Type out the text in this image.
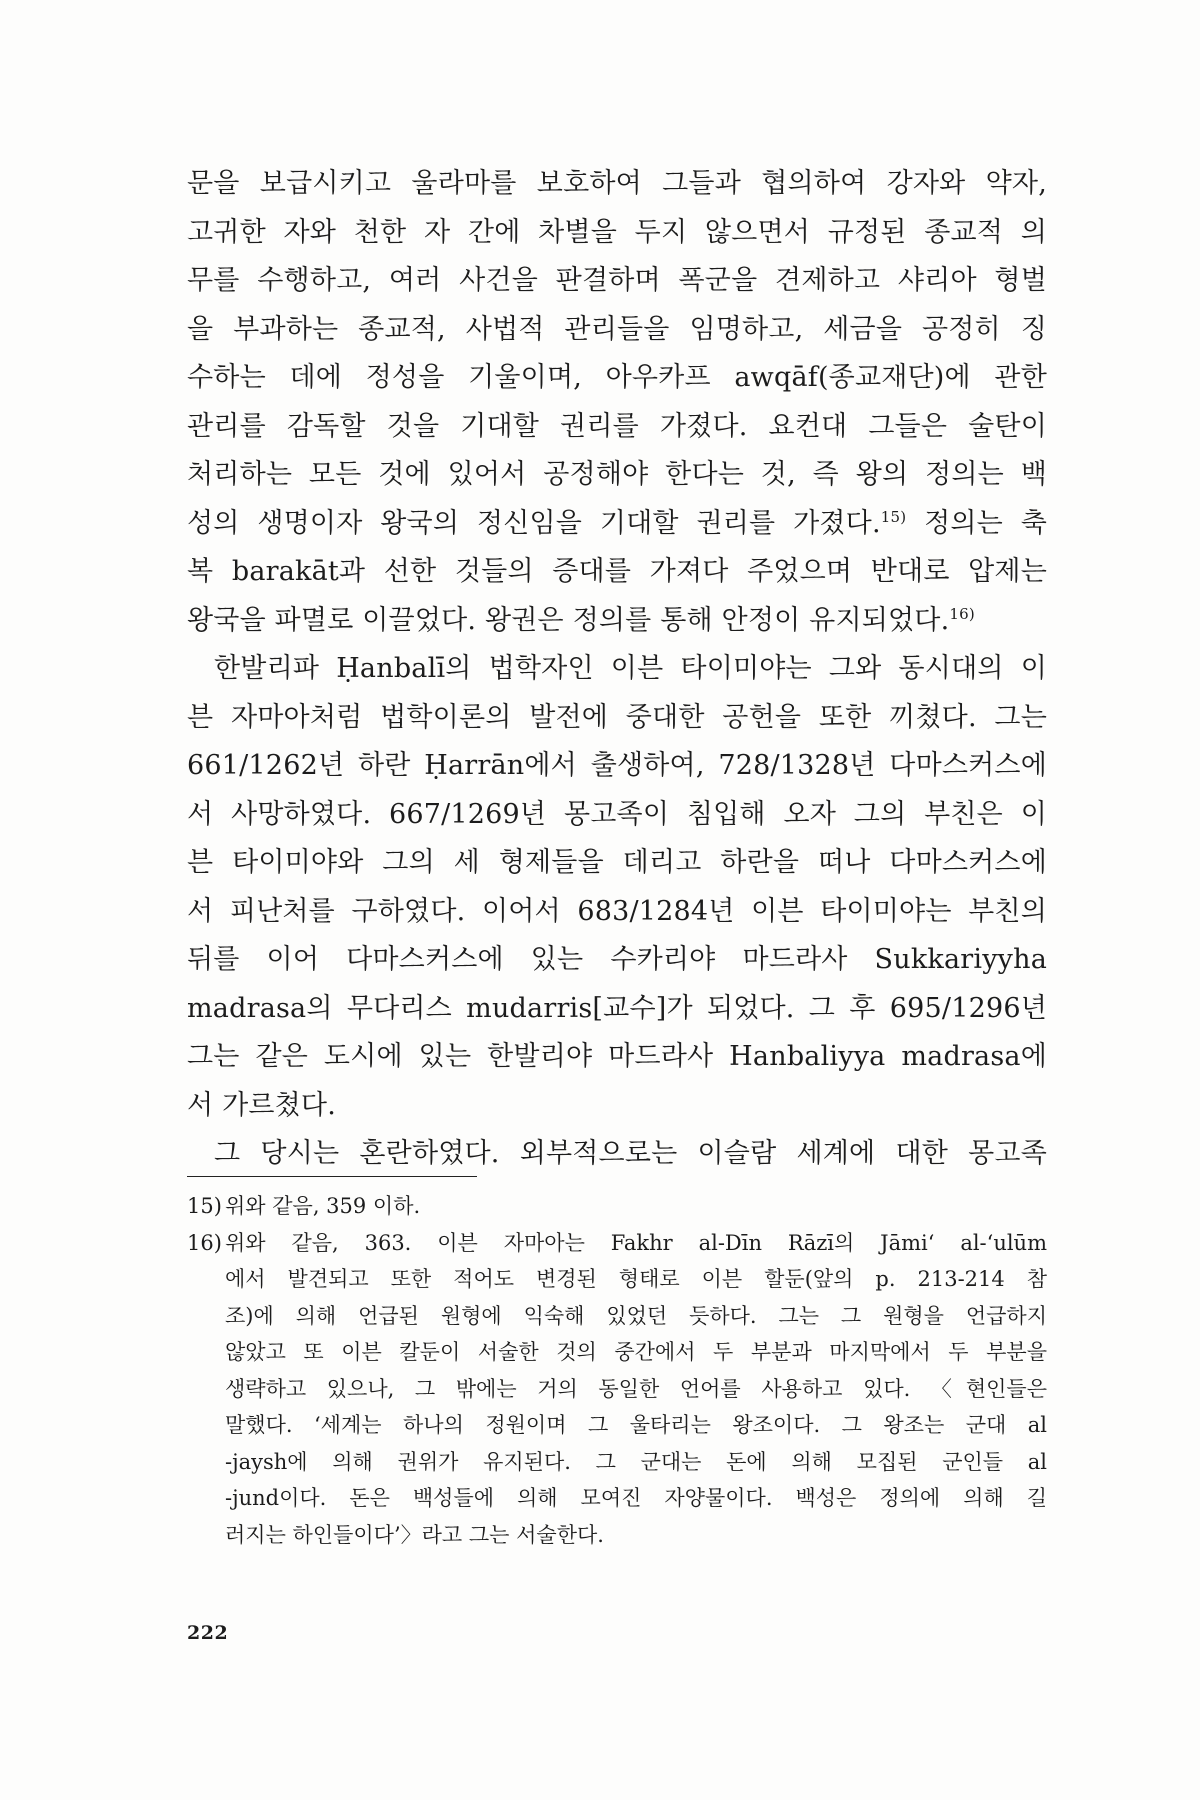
문을 보급시키고 울라마를 보호하여 그들과 협의하여 강자와 약자,
고귀한 자와 천한 자 간에 차별을 두지 않으면서 규정된 종교적 의
무를 수행하고, 여러 사건을 판결하며 폭군을 견제하고 샤리아 형벌
을 부과하는 종교적, 사법적 관리들을 임명하고, 세금을 공정히 징
수하는 데에 정성을 기울이며, 아우카프 awqāf(종교재단)에 관한
관리를 감독할 것을 기대할 권리를 가졌다. 요컨대 그들은 술탄이
처리하는 모든 것에 있어서 공정해야 한다는 것, 즉 왕의 정의는 백
성의 생명이자 왕국의 정신임을 기대할 권리를 가졌다.$^{15)}$ 정의는 축
복 barakāt과 선한 것들의 증대를 가져다 주었으며 반대로 압제는
왕국을 파멸로 이끌었다. 왕권은 정의를 통해 안정이 유지되었다.$^{16)}$
한발리파 Ḥanbalī의 법학자인 이븐 타이미야는 그와 동시대의 이
븐 자마아처럼 법학이론의 발전에 중대한 공헌을 또한 끼쳤다. 그는
661/1262년 하란 Ḥarrān에서 출생하여, 728/1328년 다마스커스에
서 사망하였다. 667/1269년 몽고족이 침입해 오자 그의 부친은 이
븐 타이미야와 그의 세 형제들을 데리고 하란을 떠나 다마스커스에
서 피난처를 구하였다. 이어서 683/1284년 이븐 타이미야는 부친의
뒤를 이어 다마스커스에 있는 수카리야 마드라사 Sukkariyyha
madrasa의 무다리스 mudarris[교수]가 되었다. 그 후 695/1296년
그는 같은 도시에 있는 한발리야 마드라사 Hanbaliyya madrasa에
서 가르쳤다.
그 당시는 혼란하였다. 외부적으로는 이슬람 세계에 대한 몽고족
15) 위와 같음, 359 이하.
16) 위와 같음, 363. 이븐 자마아는 Fakhr al-Dīn Rāzī의 Jāmi‘ al-‘ulūm
에서 발견되고 또한 적어도 변경된 형태로 이븐 할둔(앞의 p. 213-214 참
조)에 의해 언급된 원형에 익숙해 있었던 듯하다. 그는 그 원형을 언급하지
않았고 또 이븐 칼둔이 서술한 것의 중간에서 두 부분과 마지막에서 두 부분을
생략하고 있으나, 그 밖에는 거의 동일한 언어를 사용하고 있다. 〈현인들은
말했다. ‘세계는 하나의 정원이며 그 울타리는 왕조이다. 그 왕조는 군대 al
-jaysh에 의해 권위가 유지된다. 그 군대는 돈에 의해 모집된 군인들 al
-jund이다. 돈은 백성들에 의해 모여진 자양물이다. 백성은 정의에 의해 길
러지는 하인들이다’〉라고 그는 서술한다.
222
